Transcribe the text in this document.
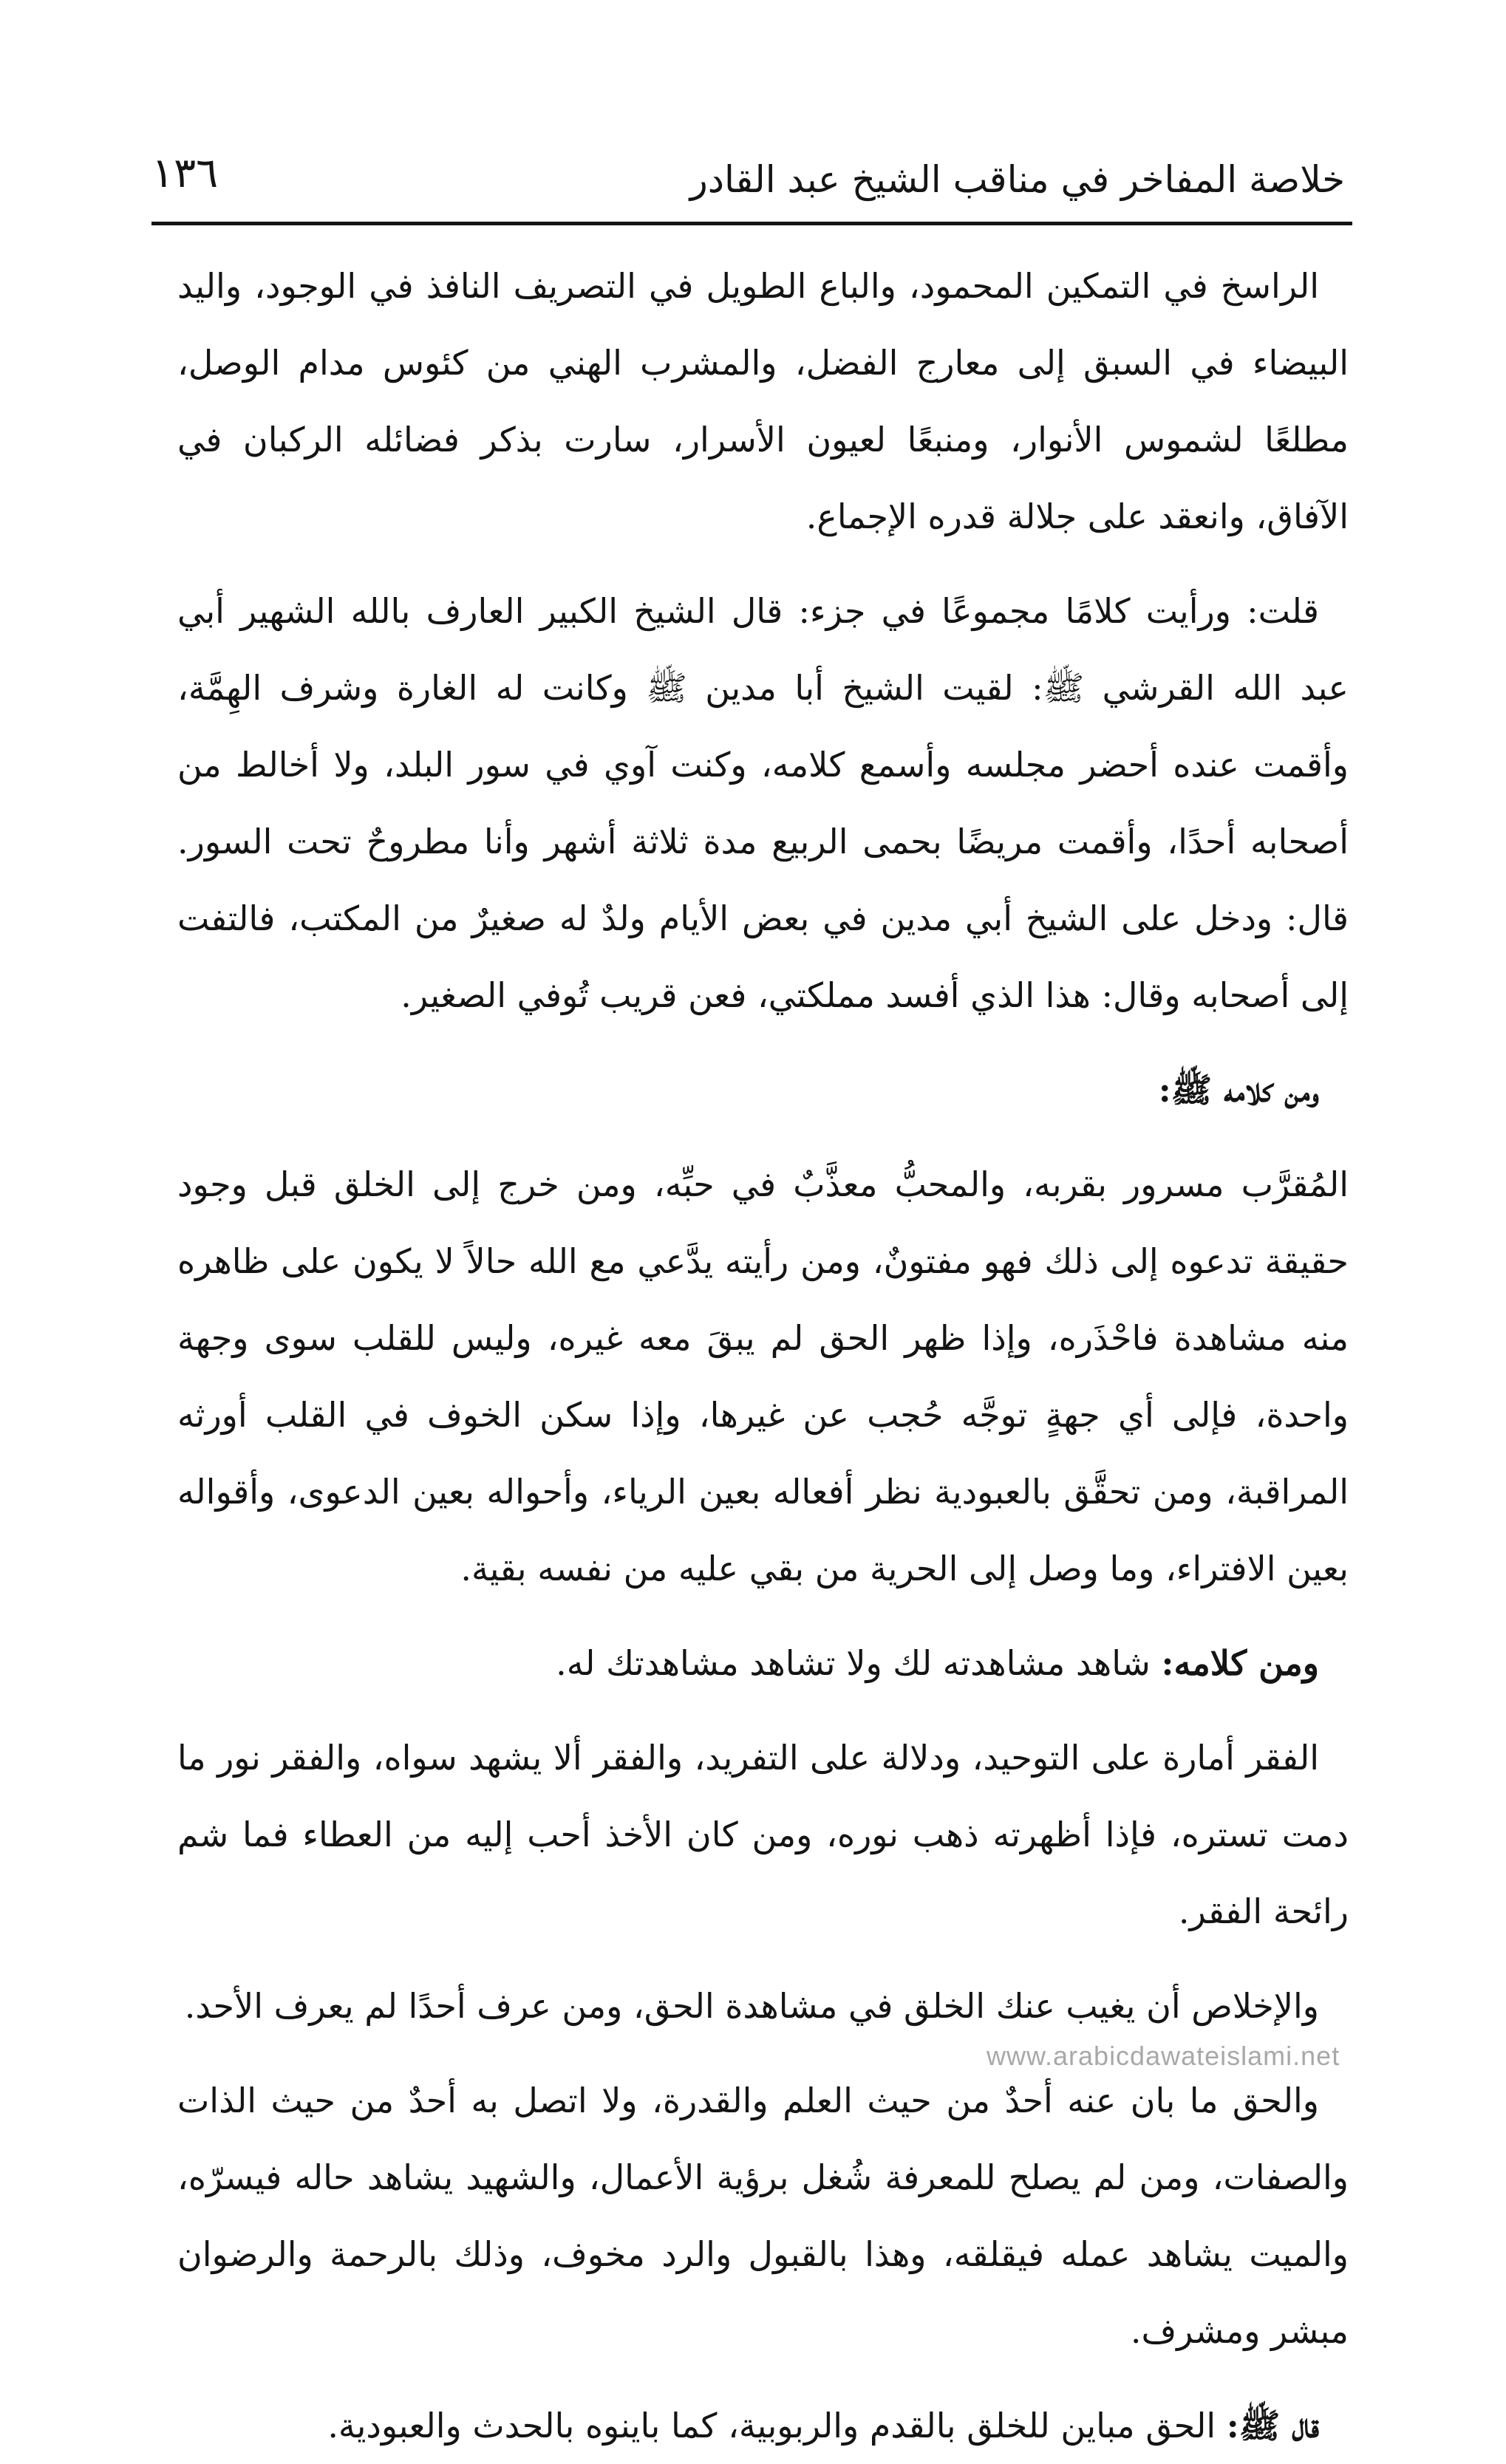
١٣٦	خلاصة المفاخر في مناقب الشيخ عبد القادر

الراسخ في التمكين المحمود، والباع الطويل في التصريف النافذ في الوجود، واليد البيضاء في السبق إلى معارج الفضل، والمشرب الهني من كئوس مدام الوصل، مطلعًا لشموس الأنوار، ومنبعًا لعيون الأسرار، سارت بذكر فضائله الركبان في الآفاق، وانعقد على جلالة قدره الإجماع.

قلت: ورأيت كلامًا مجموعًا في جزء: قال الشيخ الكبير العارف بالله الشهير أبي عبد الله القرشي ﷺ: لقيت الشيخ أبا مدين ﷺ وكانت له الغارة وشرف الهِمَّة، وأقمت عنده أحضر مجلسه وأسمع كلامه، وكنت آوي في سور البلد، ولا أخالط من أصحابه أحدًا، وأقمت مريضًا بحمى الربيع مدة ثلاثة أشهر وأنا مطروحٌ تحت السور. قال: ودخل على الشيخ أبي مدين في بعض الأيام ولدٌ له صغيرٌ من المكتب، فالتفت إلى أصحابه وقال: هذا الذي أفسد مملكتي، فعن قريب تُوفي الصغير.

ومن كلامه ﷺ:

المُقرَّب مسرور بقربه، والمحبُّ معذَّبٌ في حبِّه، ومن خرج إلى الخلق قبل وجود حقيقة تدعوه إلى ذلك فهو مفتونٌ، ومن رأيته يدَّعي مع الله حالاً لا يكون على ظاهره منه مشاهدة فاحْذَره، وإذا ظهر الحق لم يبقَ معه غيره، وليس للقلب سوى وجهة واحدة، فإلى أي جهةٍ توجَّه حُجب عن غيرها، وإذا سكن الخوف في القلب أورثه المراقبة، ومن تحقَّق بالعبودية نظر أفعاله بعين الرياء، وأحواله بعين الدعوى، وأقواله بعين الافتراء، وما وصل إلى الحرية من بقي عليه من نفسه بقية.

ومن كلامه: شاهد مشاهدته لك ولا تشاهد مشاهدتك له.

الفقر أمارة على التوحيد، ودلالة على التفريد، والفقر ألا يشهد سواه، والفقر نور ما دمت تستره، فإذا أظهرته ذهب نوره، ومن كان الأخذ أحب إليه من العطاء فما شم رائحة الفقر.

والإخلاص أن يغيب عنك الخلق في مشاهدة الحق، ومن عرف أحدًا لم يعرف الأحد.

والحق ما بان عنه أحدٌ من حيث العلم والقدرة، ولا اتصل به أحدٌ من حيث الذات والصفات، ومن لم يصلح للمعرفة شُغل برؤية الأعمال، والشهيد يشاهد حاله فيسرّه، والميت يشاهد عمله فيقلقه، وهذا بالقبول والرد مخوف، وذلك بالرحمة والرضوان مبشر ومشرف.

قال ﷺ: الحق مباين للخلق بالقدم والربوبية، كما باينوه بالحدث والعبودية.

www.arabicdawateislami.net
